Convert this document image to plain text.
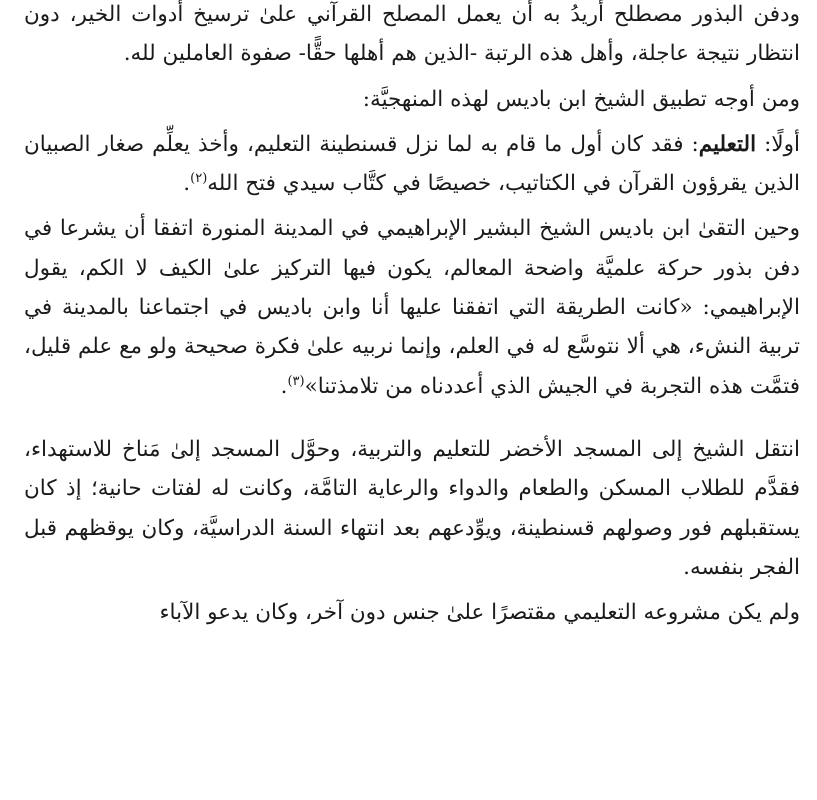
ودفن البذور مصطلح أريدُ به أن يعمل المصلح القرآني علىٰ ترسيخ أدوات الخير، دون انتظار نتيجة عاجلة، وأهل هذه الرتبة -الذين هم أهلها حقًّا- صفوة العاملين لله.

ومن أوجه تطبيق الشيخ ابن باديس لهذه المنهجيَّة:

أولًا: التعليم: فقد كان أول ما قام به لما نزل قسنطينة التعليم، وأخذ يعلِّم صغار الصبيان الذين يقرؤون القرآن في الكتاتيب، خصيصًا في كتَّاب سيدي فتح الله$^{(٢)}$.

وحين التقىٰ ابن باديس الشيخ البشير الإبراهيمي في المدينة المنورة اتفقا أن يشرعا في دفن بذور حركة علميَّة واضحة المعالم، يكون فيها التركيز علىٰ الكيف لا الكم، يقول الإبراهيمي: «كانت الطريقة التي اتفقنا عليها أنا وابن باديس في اجتماعنا بالمدينة في تربية النشء، هي ألا نتوسَّع له في العلم، وإنما نربيه علىٰ فكرة صحيحة ولو مع علم قليل، فتمَّت هذه التجربة في الجيش الذي أعددناه من تلامذتنا»$^{(٣)}$.

انتقل الشيخ إلى المسجد الأخضر للتعليم والتربية، وحوَّل المسجد إلىٰ مَناخ للاستهداء، فقدَّم للطلاب المسكن والطعام والدواء والرعاية التامَّة، وكانت له لفتات حانية؛ إذ كان يستقبلهم فور وصولهم قسنطينة، ويوِّدعهم بعد انتهاء السنة الدراسيَّة، وكان يوقظهم قبل الفجر بنفسه.

ولم يكن مشروعه التعليمي مقتصرًا علىٰ جنس دون آخر، وكان يدعو الآباء
